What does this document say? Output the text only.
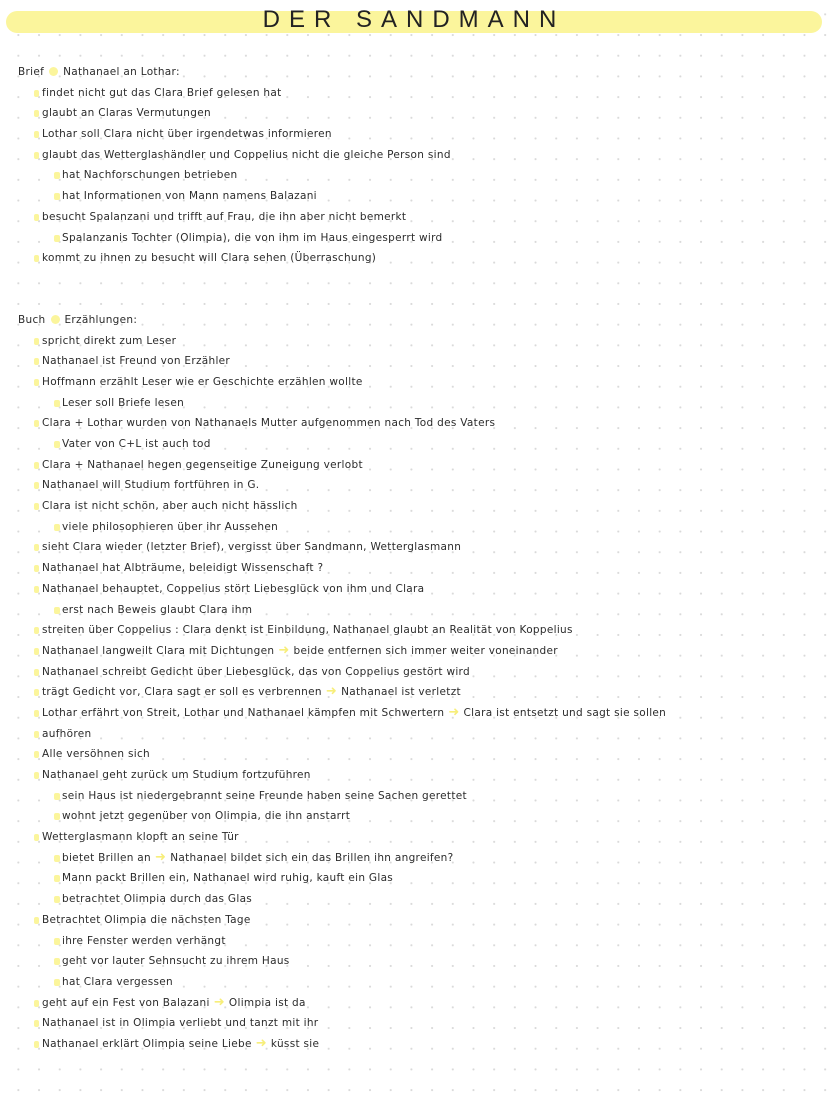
DER SANDMANN
Brief Nathanael an Lothar:
findet nicht gut das Clara Brief gelesen hat
glaubt an Claras Vermutungen
Lothar soll Clara nicht über irgendetwas informieren
glaubt das Wetterglashändler und Coppelius nicht die gleiche Person sind
hat Nachforschungen betrieben
hat Informationen von Mann namens Balazani
besucht Spalanzani und trifft auf Frau, die ihn aber nicht bemerkt
Spalanzanis Tochter (Olimpia), die von ihm im Haus eingesperrt wird
kommt zu ihnen zu besucht will Clara sehen (Überraschung)
Buch Erzählungen:
spricht direkt zum Leser
Nathanael ist Freund von Erzähler
Hoffmann erzählt Leser wie er Geschichte erzählen wollte
Leser soll Briefe lesen
Clara + Lothar wurden von Nathanaels Mutter aufgenommen nach Tod des Vaters
Vater von C+L ist auch tod
Clara + Nathanael hegen gegenseitige Zuneigung verlobt
Nathanael will Studium fortführen in G.
Clara ist nicht schön, aber auch nicht hässlich
viele philosophieren über ihr Aussehen
sieht Clara wieder (letzter Brief), vergisst über Sandmann, Wetterglasmann
Nathanael hat Albträume, beleidigt Wissenschaft ?
Nathanael behauptet, Coppelius stört Liebesglück von ihm und Clara
erst nach Beweis glaubt Clara ihm
streiten über Coppelius : Clara denkt ist Einbildung, Nathanael glaubt an Realität von Koppelius
Nathanael langweilt Clara mit Dichtungen ➜ beide entfernen sich immer weiter voneinander
Nathanael schreibt Gedicht über Liebesglück, das von Coppelius gestört wird
trägt Gedicht vor, Clara sagt er soll es verbrennen ➜ Nathanael ist verletzt
Lothar erfährt von Streit, Lothar und Nathanael kämpfen mit Schwertern ➜ Clara ist entsetzt und sagt sie sollen
aufhören
Alle versöhnen sich
Nathanael geht zurück um Studium fortzuführen
sein Haus ist niedergebrannt seine Freunde haben seine Sachen gerettet
wohnt jetzt gegenüber von Olimpia, die ihn anstarrt
Wetterglasmann klopft an seine Tür
bietet Brillen an ➜ Nathanael bildet sich ein das Brillen ihn angreifen?
Mann packt Brillen ein, Nathanael wird ruhig, kauft ein Glas
betrachtet Olimpia durch das Glas
Betrachtet Olimpia die nächsten Tage
ihre Fenster werden verhängt
geht vor lauter Sehnsucht zu ihrem Haus
hat Clara vergessen
geht auf ein Fest von Balazani ➜ Olimpia ist da
Nathanael ist in Olimpia verliebt und tanzt mit ihr
Nathanael erklärt Olimpia seine Liebe ➜ küsst sie
